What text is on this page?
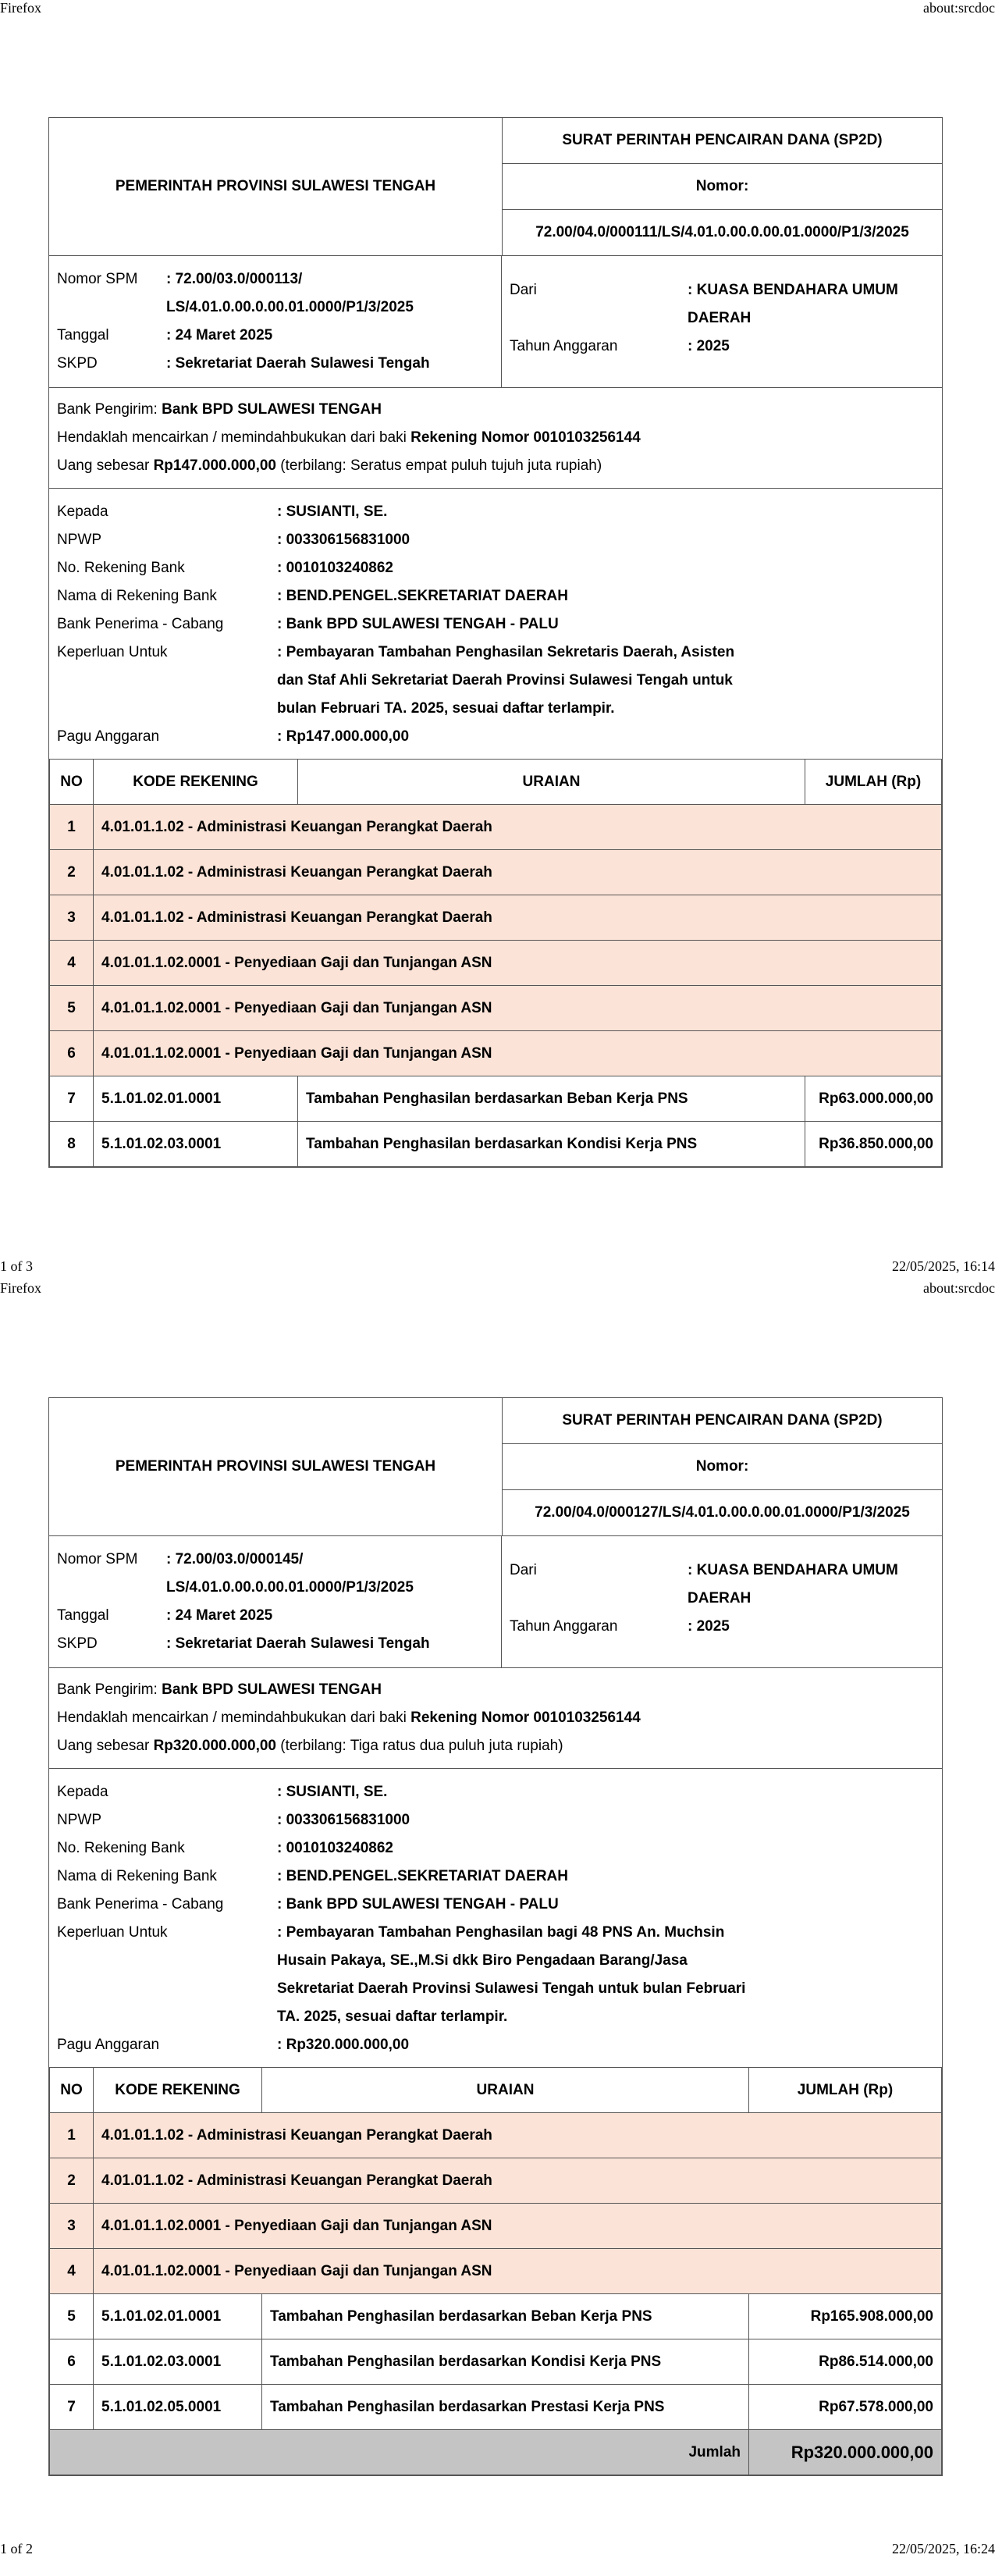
Firefox	about:srcdoc
PEMERINTAH PROVINSI SULAWESI TENGAH
SURAT PERINTAH PENCAIRAN DANA (SP2D)
Nomor:
72.00/04.0/000111/LS/4.01.0.00.0.00.01.0000/P1/3/2025
Nomor SPM	: 72.00/03.0/000113/
LS/4.01.0.00.0.00.01.0000/P1/3/2025
Tanggal	: 24 Maret 2025
SKPD	: Sekretariat Daerah Sulawesi Tengah
Dari	: KUASA BENDAHARA UMUM
DAERAH
Tahun Anggaran	: 2025
Bank Pengirim: Bank BPD SULAWESI TENGAH
Hendaklah mencairkan / memindahbukukan dari baki Rekening Nomor 0010103256144
Uang sebesar Rp147.000.000,00 (terbilang: Seratus empat puluh tujuh juta rupiah)
Kepada	: SUSIANTI, SE.
NPWP	: 003306156831000
No. Rekening Bank	: 0010103240862
Nama di Rekening Bank	: BEND.PENGEL.SEKRETARIAT DAERAH
Bank Penerima - Cabang	: Bank BPD SULAWESI TENGAH - PALU
Keperluan Untuk	: Pembayaran Tambahan Penghasilan Sekretaris Daerah, Asisten
dan Staf Ahli Sekretariat Daerah Provinsi Sulawesi Tengah untuk
bulan Februari TA. 2025, sesuai daftar terlampir.
Pagu Anggaran	: Rp147.000.000,00
NO	KODE REKENING	URAIAN	JUMLAH (Rp)
1	4.01.01.1.02 - Administrasi Keuangan Perangkat Daerah		
2	4.01.01.1.02 - Administrasi Keuangan Perangkat Daerah		
3	4.01.01.1.02 - Administrasi Keuangan Perangkat Daerah		
4	4.01.01.1.02.0001 - Penyediaan Gaji dan Tunjangan ASN		
5	4.01.01.1.02.0001 - Penyediaan Gaji dan Tunjangan ASN		
6	4.01.01.1.02.0001 - Penyediaan Gaji dan Tunjangan ASN		
7	5.1.01.02.01.0001	Tambahan Penghasilan berdasarkan Beban Kerja PNS	Rp63.000.000,00
8	5.1.01.02.03.0001	Tambahan Penghasilan berdasarkan Kondisi Kerja PNS	Rp36.850.000,00
1 of 3	22/05/2025, 16:14
Firefox	about:srcdoc
PEMERINTAH PROVINSI SULAWESI TENGAH
SURAT PERINTAH PENCAIRAN DANA (SP2D)
Nomor:
72.00/04.0/000127/LS/4.01.0.00.0.00.01.0000/P1/3/2025
Nomor SPM	: 72.00/03.0/000145/
LS/4.01.0.00.0.00.01.0000/P1/3/2025
Tanggal	: 24 Maret 2025
SKPD	: Sekretariat Daerah Sulawesi Tengah
Dari	: KUASA BENDAHARA UMUM
DAERAH
Tahun Anggaran	: 2025
Bank Pengirim: Bank BPD SULAWESI TENGAH
Hendaklah mencairkan / memindahbukukan dari baki Rekening Nomor 0010103256144
Uang sebesar Rp320.000.000,00 (terbilang: Tiga ratus dua puluh juta rupiah)
Kepada	: SUSIANTI, SE.
NPWP	: 003306156831000
No. Rekening Bank	: 0010103240862
Nama di Rekening Bank	: BEND.PENGEL.SEKRETARIAT DAERAH
Bank Penerima - Cabang	: Bank BPD SULAWESI TENGAH - PALU
Keperluan Untuk	: Pembayaran Tambahan Penghasilan bagi 48 PNS An. Muchsin
Husain Pakaya, SE.,M.Si dkk Biro Pengadaan Barang/Jasa
Sekretariat Daerah Provinsi Sulawesi Tengah untuk bulan Februari
TA. 2025, sesuai daftar terlampir.
Pagu Anggaran	: Rp320.000.000,00
NO	KODE REKENING	URAIAN	JUMLAH (Rp)
1	4.01.01.1.02 - Administrasi Keuangan Perangkat Daerah		
2	4.01.01.1.02 - Administrasi Keuangan Perangkat Daerah		
3	4.01.01.1.02.0001 - Penyediaan Gaji dan Tunjangan ASN		
4	4.01.01.1.02.0001 - Penyediaan Gaji dan Tunjangan ASN		
5	5.1.01.02.01.0001	Tambahan Penghasilan berdasarkan Beban Kerja PNS	Rp165.908.000,00
6	5.1.01.02.03.0001	Tambahan Penghasilan berdasarkan Kondisi Kerja PNS	Rp86.514.000,00
7	5.1.01.02.05.0001	Tambahan Penghasilan berdasarkan Prestasi Kerja PNS	Rp67.578.000,00
Jumlah			Rp320.000.000,00
1 of 2	22/05/2025, 16:24
